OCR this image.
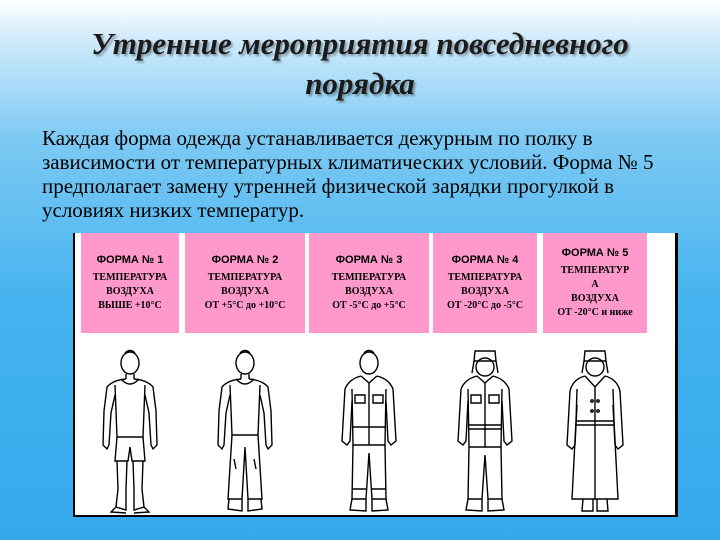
Утренние мероприятия повседневного
порядка

Каждая форма одежда устанавливается дежурным по полку в зависимости от температурных климатических условий. Форма № 5 предполагает замену утренней физической зарядки прогулкой в условиях низких температур.

ФОРМА № 1
ТЕМПЕРАТУРА
ВОЗДУХА
ВЫШЕ +10°С
ФОРМА № 2
ТЕМПЕРАТУРА
ВОЗДУХА
ОТ +5°С до +10°С
ФОРМА № 3
ТЕМПЕРАТУРА
ВОЗДУХА
ОТ -5°С до +5°С
ФОРМА № 4
ТЕМПЕРАТУРА
ВОЗДУХА
ОТ -20°С до -5°С
ФОРМА № 5
ТЕМПЕРАТУР
А
ВОЗДУХА
ОТ -20°С и ниже
